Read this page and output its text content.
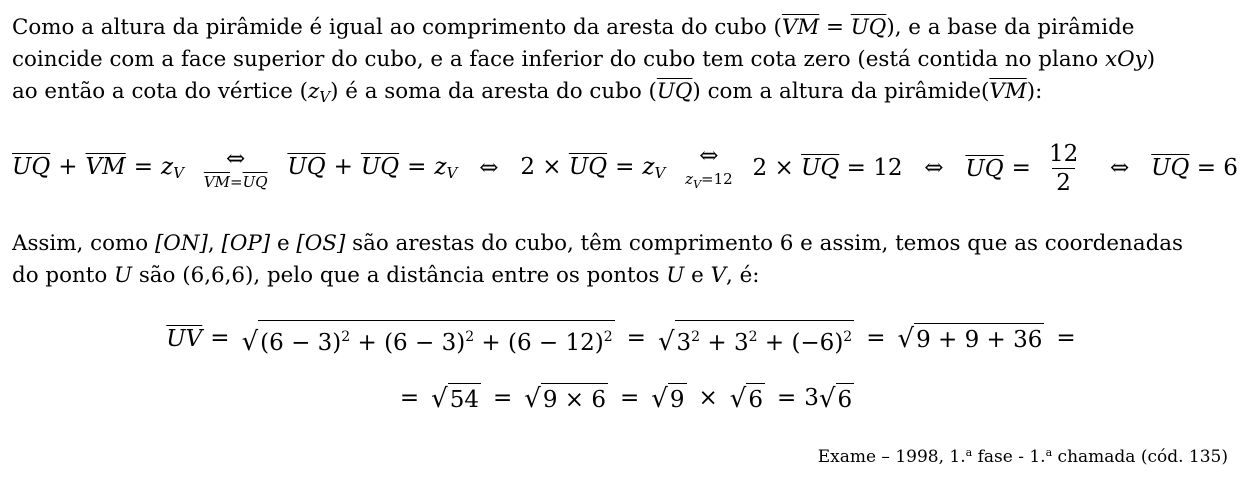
Como a altura da pirâmide é igual ao comprimento da aresta do cubo $(\overline{VM} = \overline{UQ})$, e a base da pirâmide
coincide com a face superior do cubo, e a face inferior do cubo tem cota zero (está contida no plano xOy)
ao então a cota do vértice $(z_V)$ é a soma da aresta do cubo $(\overline{UQ})$ com a altura da $pirâmide(\overline{VM})$:
$\overline{UQ} + \overline{VM} = z_V$
⇔
$\overline{VM}=\overline{UQ}$
$\overline{UQ} + \overline{UQ} = z_V$ ⇔ $2 \times \overline{UQ} = z_V$
⇔
$z_V=12$ $2 \times \overline{UQ} = 12$ ⇔ $\overline{UQ} = \frac{12}{2}$ ⇔ $\overline{UQ} = 6$
Assim, como [ON], [OP] e [OS] são arestas do cubo, têm comprimento 6 e assim, temos que as coordenadas
do ponto U são (6,6,6), pelo que a distância entre os pontos U e V, é:
$\overline{UV}$ = √ $(6 - 3)^2 + (6 - 3)^2 + (6 - 12)^2$ = √ $3^2 + 3^2 + (-6)^2$ = √ 9 + 9 + 36 =
= √ 54 = √ 9 × 6 = √ 9 × √ 6 = 3 √ 6
Exame – 1998, 1.$^a$ fase - 1.$^a$ chamada (cód. 135)
